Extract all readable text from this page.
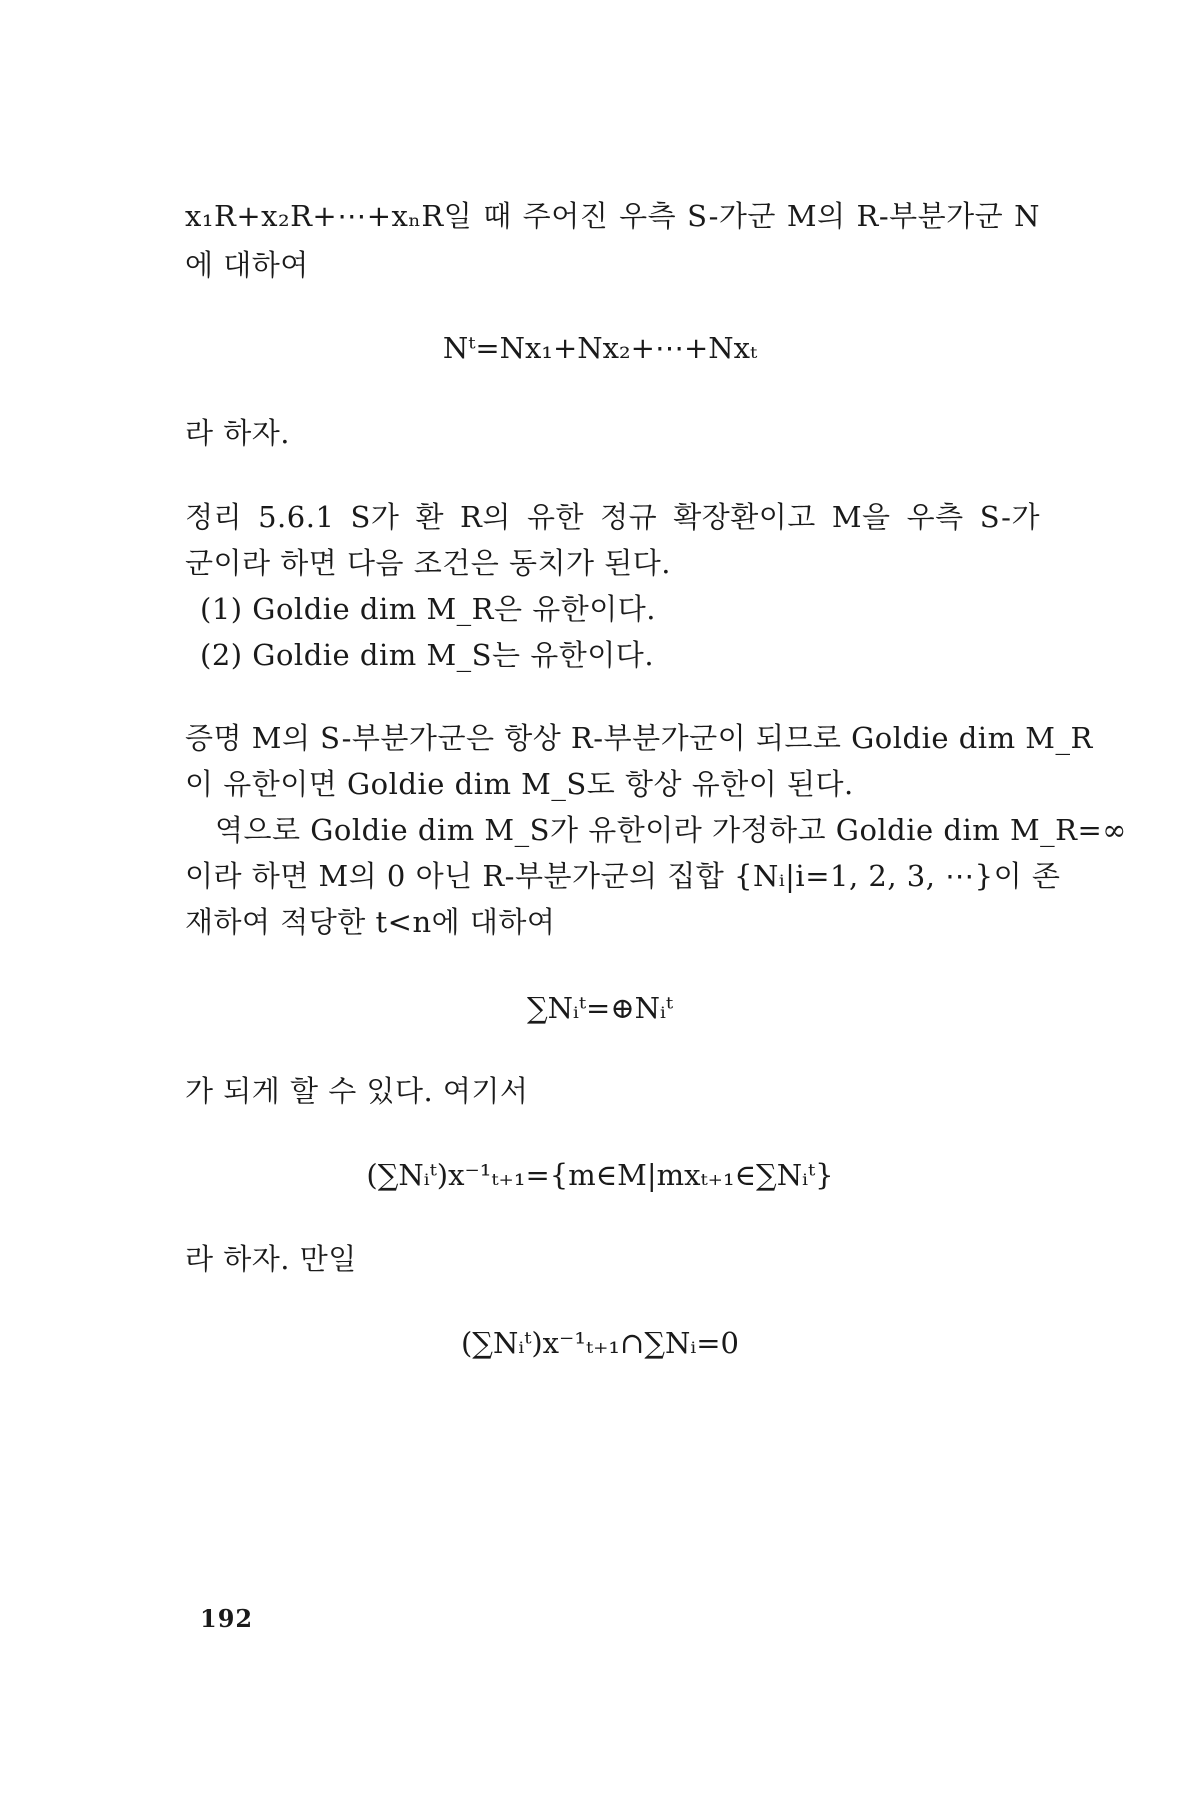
x₁R+x₂R+⋯+xₙR일 때 주어진 우측 S-가군 M의 R-부분가군 N
에 대하여
Nᵗ=Nx₁+Nx₂+⋯+Nxₜ
라 하자.
정리 5.6.1 S가 환 R의 유한 정규 확장환이고 M을 우측 S-가
군이라 하면 다음 조건은 동치가 된다.
(1) Goldie dim M_R은 유한이다.
(2) Goldie dim M_S는 유한이다.
증명 M의 S-부분가군은 항상 R-부분가군이 되므로 Goldie dim M_R
이 유한이면 Goldie dim M_S도 항상 유한이 된다.
역으로 Goldie dim M_S가 유한이라 가정하고 Goldie dim M_R=∞
이라 하면 M의 0 아닌 R-부분가군의 집합 {Nᵢ|i=1, 2, 3, ⋯}이 존
재하여 적당한 t<n에 대하여
∑Nᵢᵗ=⊕Nᵢᵗ
가 되게 할 수 있다. 여기서
(∑Nᵢᵗ)x⁻¹ₜ₊₁={m∈M|mxₜ₊₁∈∑Nᵢᵗ}
라 하자. 만일
(∑Nᵢᵗ)x⁻¹ₜ₊₁∩∑Nᵢ=0
192
